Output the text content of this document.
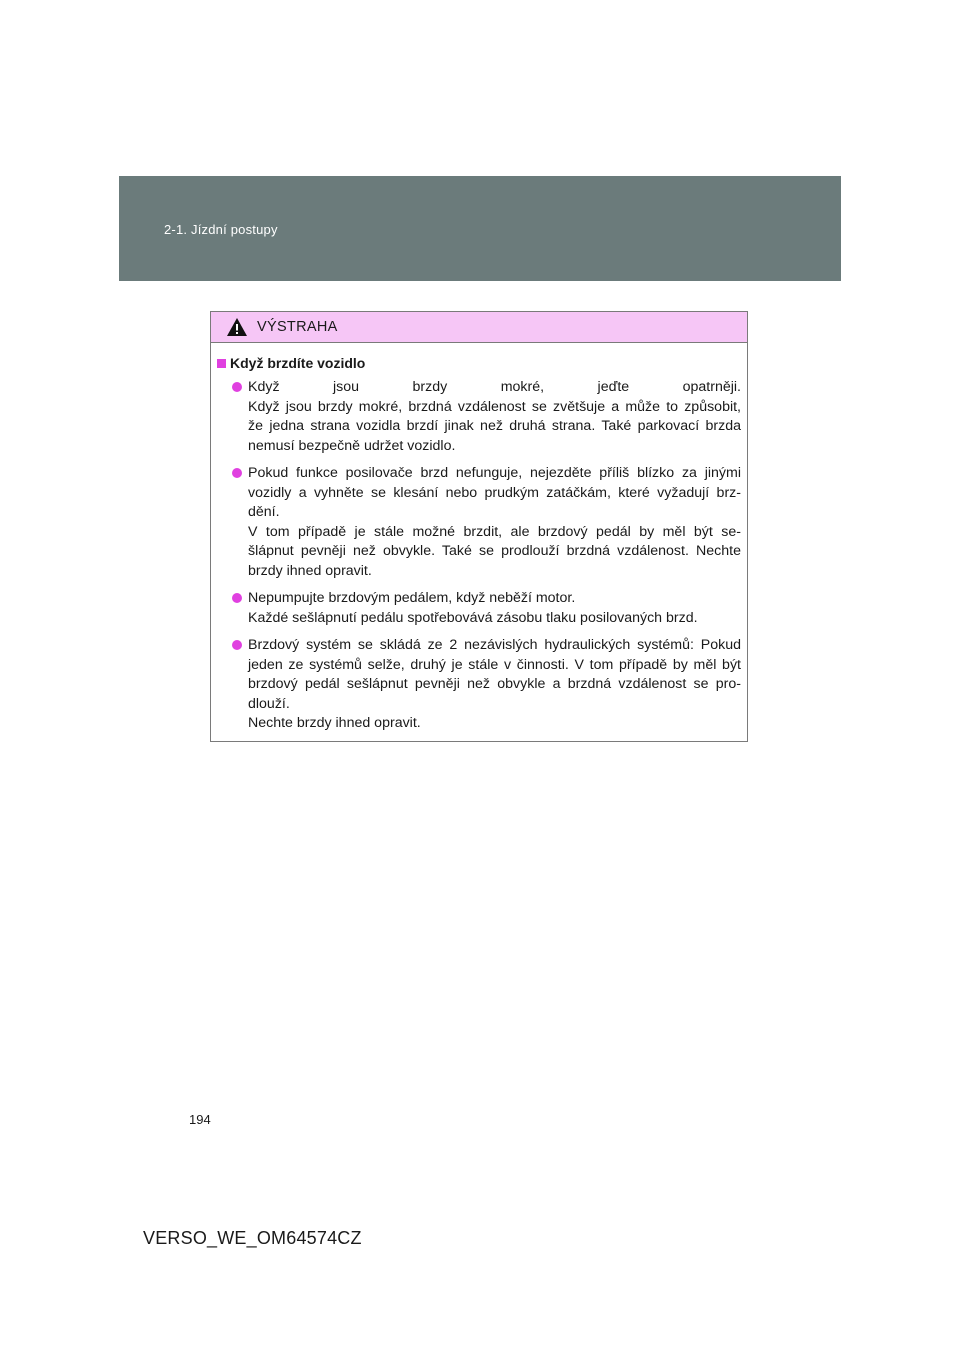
2-1. Jízdní postupy
VÝSTRAHA
Když brzdíte vozidlo
Když jsou brzdy mokré, jeďte opatrněji.
Když jsou brzdy mokré, brzdná vzdálenost se zvětšuje a může to způsobit,
že jedna strana vozidla brzdí jinak než druhá strana. Také parkovací brzda
nemusí bezpečně udržet vozidlo.
Pokud funkce posilovače brzd nefunguje, nejezděte příliš blízko za jinými
vozidly a vyhněte se klesání nebo prudkým zatáčkám, které vyžadují brz-
dění.
V tom případě je stále možné brzdit, ale brzdový pedál by měl být se-
šlápnut pevněji než obvykle. Také se prodlouží brzdná vzdálenost. Nechte
brzdy ihned opravit.
Nepumpujte brzdovým pedálem, když neběží motor.
Každé sešlápnutí pedálu spotřebovává zásobu tlaku posilovaných brzd.
Brzdový systém se skládá ze 2 nezávislých hydraulických systémů: Pokud
jeden ze systémů selže, druhý je stále v činnosti. V tom případě by měl být
brzdový pedál sešlápnut pevněji než obvykle a brzdná vzdálenost se pro-
dlouží.
Nechte brzdy ihned opravit.
194
VERSO_WE_OM64574CZ
